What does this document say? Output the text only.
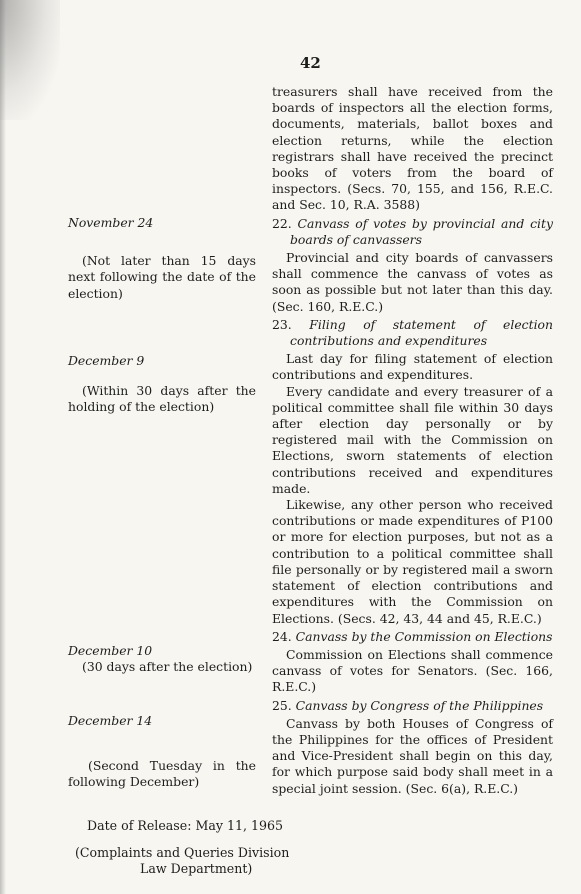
42

treasurers shall have received from the boards of inspectors all the election forms, documents, materials, ballot boxes and election returns, while the election registrars shall have received the precinct books of voters from the board of inspectors. (Secs. 70, 155, and 156, R.E.C. and Sec. 10, R.A. 3588)

22. Canvass of votes by provincial and city boards of canvassers

Provincial and city boards of canvassers shall commence the canvass of votes as soon as possible but not later than this day. (Sec. 160, R.E.C.)

23. Filing of statement of election contributions and expenditures

Last day for filing statement of election contributions and expenditures.

Every candidate and every treasurer of a political committee shall file within 30 days after election day personally or by registered mail with the Commission on Elections, sworn statements of election contributions received and expenditures made.

Likewise, any other person who received contributions or made expenditures of P100 or more for election purposes, but not as a contribution to a political committee shall file personally or by registered mail a sworn statement of election contributions and expenditures with the Commission on Elections. (Secs. 42, 43, 44 and 45, R.E.C.)

24. Canvass by the Commission on Elections

Commission on Elections shall commence canvass of votes for Senators. (Sec. 166, R.E.C.)

25. Canvass by Congress of the Philippines

Canvass by both Houses of Congress of the Philippines for the offices of President and Vice-President shall begin on this day, for which purpose said body shall meet in a special joint session. (Sec. 6(a), R.E.C.)

November 24

(Not later than 15 days next following the date of the election)

December 9

(Within 30 days after the holding of the election)

December 10

(30 days after the election)

December 14

(Second Tuesday in the following December)

Date of Release: May 11, 1965
(Complaints and Queries Division
Law Department)
